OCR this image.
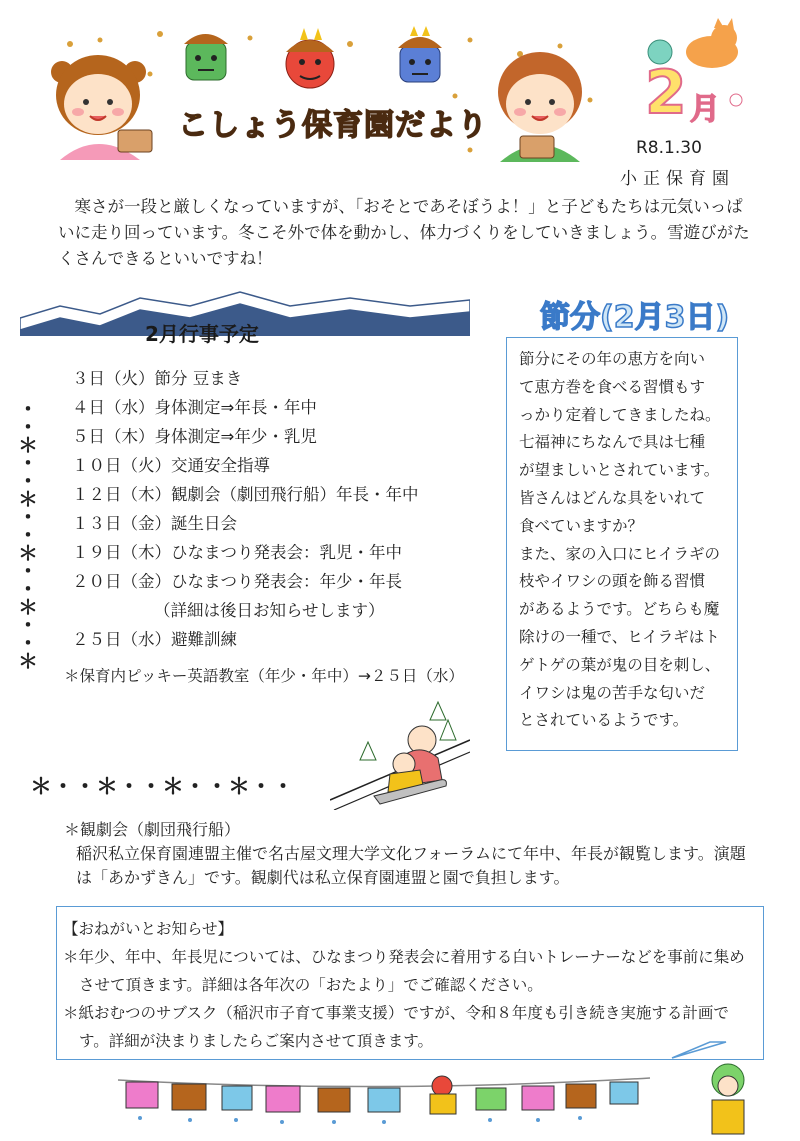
こしょう保育園だより	2 月
R8.1.30
小正保育園
寒さが一段と厳しくなっていますが、「おそとであそぼうよ！」と子どもたちは元気いっぱいに走り回っています。冬こそ外で体を動かし、体力づくりをしていきましょう。雪遊びがたくさんできるといいですね！
2月行事予定
・
・
＊
・
・
＊
・
・
＊
・
・
＊
・
・
＊
３日（火）節分 豆まき
４日（水）身体測定⇒年長・年中
５日（木）身体測定⇒年少・乳児
１０日（火）交通安全指導
１２日（木）観劇会（劇団飛行船）年長・年中
１３日（金）誕生日会
１９日（木）ひなまつり発表会：乳児・年中
２０日（金）ひなまつり発表会：年少・年長
（詳細は後日お知らせします）
２５日（水）避難訓練
＊保育内ピッキー英語教室（年少・年中）→２５日（水）
節分(2月3日)
節分にその年の恵方を向い
て恵方巻を食べる習慣もす
っかり定着してきましたね。
七福神にちなんで具は七種
が望ましいとされています。
皆さんはどんな具をいれて
食べていますか？
また、家の入口にヒイラギの
枝やイワシの頭を飾る習慣
があるようです。どちらも魔
除けの一種で、ヒイラギはト
ゲトゲの葉が鬼の目を刺し、
イワシは鬼の苦手な匂いだ
とされているようです。
＊・・＊・・＊・・＊・・
＊観劇会（劇団飛行船）
稲沢私立保育園連盟主催で名古屋文理大学文化フォーラムにて年中、年長が観覧します。演題は「あかずきん」です。観劇代は私立保育園連盟と園で負担します。
【おねがいとお知らせ】
＊年少、年中、年長児については、ひなまつり発表会に着用する白いトレーナーなどを事前に集めさせて頂きます。詳細は各年次の「おたより」でご確認ください。
＊紙おむつのサブスク（稲沢市子育て事業支援）ですが、令和８年度も引き続き実施する計画です。詳細が決まりましたらご案内させて頂きます。
